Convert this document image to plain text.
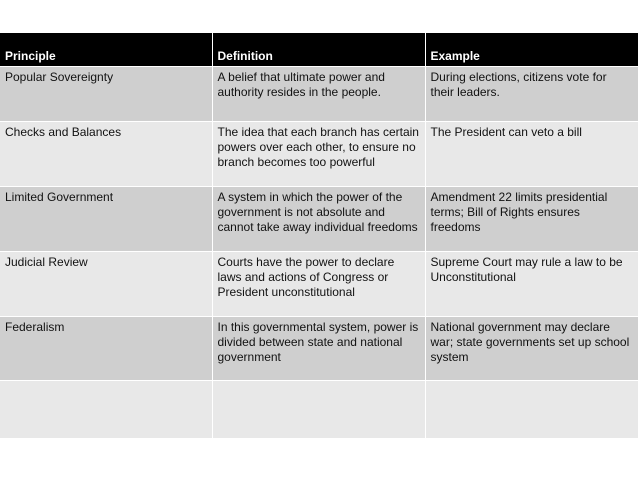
Principle	Definition	Example
Popular Sovereignty	A belief that ultimate power and authority resides in the people.	During elections, citizens vote for their leaders.
Checks and Balances	The idea that each branch has certain powers over each other, to ensure no branch becomes too powerful	The President can veto a bill
Limited Government	A system in which the power of the government is not absolute and cannot take away individual freedoms	Amendment 22 limits presidential terms; Bill of Rights ensures freedoms
Judicial Review	Courts have the power to declare laws and actions of Congress or President unconstitutional	Supreme Court may rule a law to be Unconstitutional
Federalism	In this governmental system, power is divided between state and national government	National government may declare war; state governments set up school system
